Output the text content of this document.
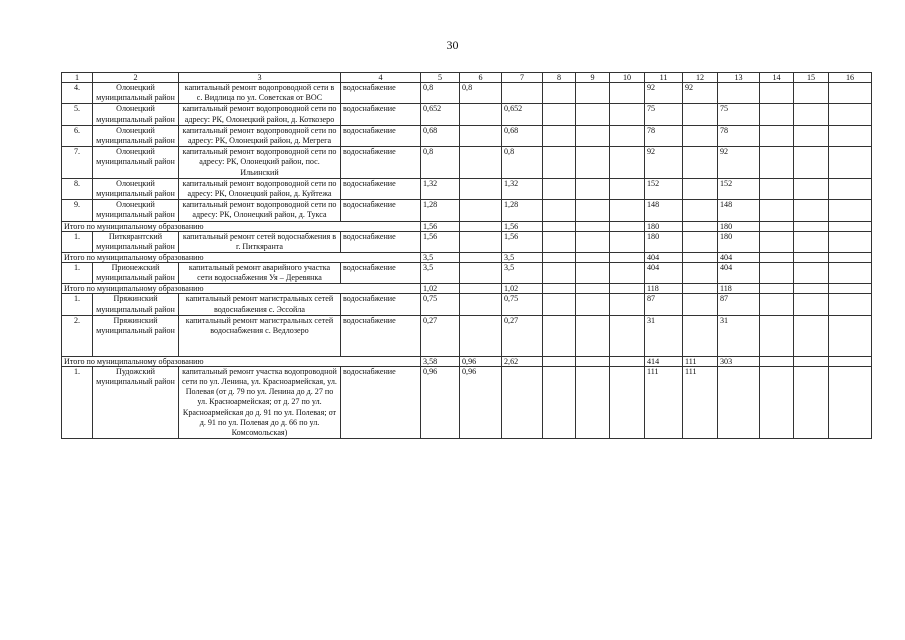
30
1	2	3	4	5	6	7	8	9	10	11	12	13	14	15	16
4.	Олонецкий муниципальный район	капитальный ремонт водопроводной сети в с. Видлица по ул. Советская от ВОС	водоснабжение	0,8	0,8					92	92				
5.	Олонецкий муниципальный район	капитальный ремонт водопроводной сети по адресу: РК, Олонецкий район, д. Коткозеро	водоснабжение	0,652		0,652				75		75			
6.	Олонецкий муниципальный район	капитальный ремонт водопроводной сети по адресу: РК, Олонецкий район, д. Мегрега	водоснабжение	0,68		0,68				78		78			
7.	Олонецкий муниципальный район	капитальный ремонт водопроводной сети по адресу: РК, Олонецкий район, пос. Ильинский	водоснабжение	0,8		0,8				92		92			
8.	Олонецкий муниципальный район	капитальный ремонт водопроводной сети по адресу: РК, Олонецкий район, д. Куйтежа	водоснабжение	1,32		1,32				152		152			
9.	Олонецкий муниципальный район	капитальный ремонт водопроводной сети по адресу: РК, Олонецкий район, д. Тукса	водоснабжение	1,28		1,28				148		148			
Итого по муниципальному образованию				1,56		1,56				180		180			
1.	Питкярантский муниципальный район	капитальный ремонт сетей водоснабжения в г. Питкяранта	водоснабжение	1,56		1,56				180		180			
Итого по муниципальному образованию				3,5		3,5				404		404			
1.	Прионежский муниципальный район	капитальный ремонт аварийного участка сети водоснабжения Уя – Деревянка	водоснабжение	3,5		3,5				404		404			
Итого по муниципальному образованию				1,02		1,02				118		118			
1.	Пряжинский муниципальный район	капитальный ремонт магистральных сетей водоснабжения с. Эссойла	водоснабжение	0,75		0,75				87		87			
2.	Пряжинский муниципальный район	капитальный ремонт магистральных сетей водоснабжения с. Ведлозеро	водоснабжение	0,27		0,27				31		31			
Итого по муниципальному образованию				3,58	0,96	2,62				414	111	303			
1.	Пудожский муниципальный район	капитальный ремонт участка водопроводной сети по ул. Ленина, ул. Красноармейская, ул. Полевая (от д. 79 по ул. Ленина до д. 27 по ул. Красноармейская; от д. 27 по ул. Красноармейская до д. 91 по ул. Полевая; от д. 91 по ул. Полевая до д. 66 по ул. Комсомольская)	водоснабжение	0,96	0,96					111	111				
